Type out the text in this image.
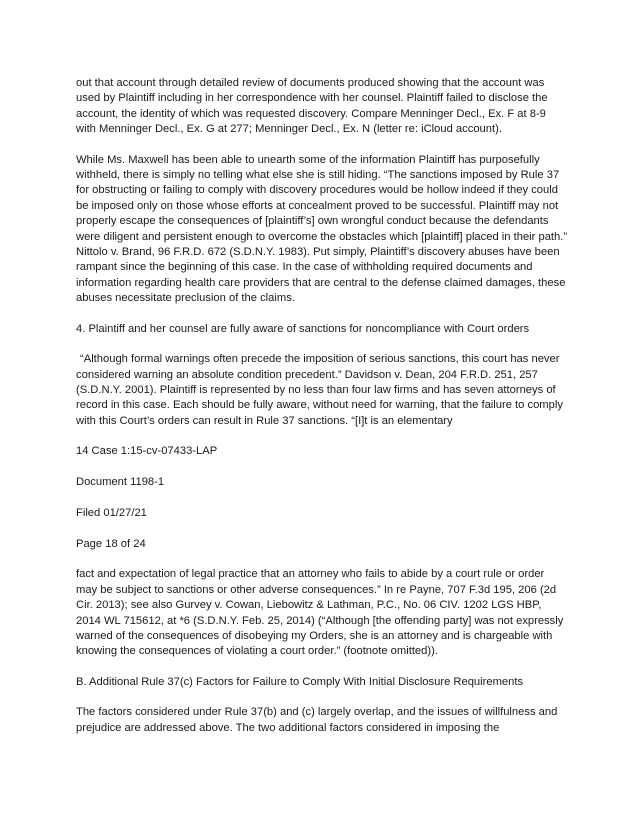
out that account through detailed review of documents produced showing that the account was used by Plaintiff including in her correspondence with her counsel. Plaintiff failed to disclose the account, the identity of which was requested discovery. Compare Menninger Decl., Ex. F at 8-9 with Menninger Decl., Ex. G at 277; Menninger Decl., Ex. N (letter re: iCloud account).

While Ms. Maxwell has been able to unearth some of the information Plaintiff has purposefully withheld, there is simply no telling what else she is still hiding. “The sanctions imposed by Rule 37 for obstructing or failing to comply with discovery procedures would be hollow indeed if they could be imposed only on those whose efforts at concealment proved to be successful. Plaintiff may not properly escape the consequences of [plaintiff’s] own wrongful conduct because the defendants were diligent and persistent enough to overcome the obstacles which [plaintiff] placed in their path.” Nittolo v. Brand, 96 F.R.D. 672 (S.D.N.Y. 1983). Put simply, Plaintiff’s discovery abuses have been rampant since the beginning of this case. In the case of withholding required documents and information regarding health care providers that are central to the defense claimed damages, these abuses necessitate preclusion of the claims.

4. Plaintiff and her counsel are fully aware of sanctions for noncompliance with Court orders

“Although formal warnings often precede the imposition of serious sanctions, this court has never considered warning an absolute condition precedent.” Davidson v. Dean, 204 F.R.D. 251, 257 (S.D.N.Y. 2001). Plaintiff is represented by no less than four law firms and has seven attorneys of record in this case. Each should be fully aware, without need for warning, that the failure to comply with this Court’s orders can result in Rule 37 sanctions. “[I]t is an elementary

14 Case 1:15-cv-07433-LAP

Document 1198-1

Filed 01/27/21

Page 18 of 24

fact and expectation of legal practice that an attorney who fails to abide by a court rule or order may be subject to sanctions or other adverse consequences.” In re Payne, 707 F.3d 195, 206 (2d Cir. 2013); see also Gurvey v. Cowan, Liebowitz & Lathman, P.C., No. 06 CIV. 1202 LGS HBP, 2014 WL 715612, at *6 (S.D.N.Y. Feb. 25, 2014) (“Although [the offending party] was not expressly warned of the consequences of disobeying my Orders, she is an attorney and is chargeable with knowing the consequences of violating a court order.” (footnote omitted)).

B. Additional Rule 37(c) Factors for Failure to Comply With Initial Disclosure Requirements

The factors considered under Rule 37(b) and (c) largely overlap, and the issues of willfulness and prejudice are addressed above. The two additional factors considered in imposing the
